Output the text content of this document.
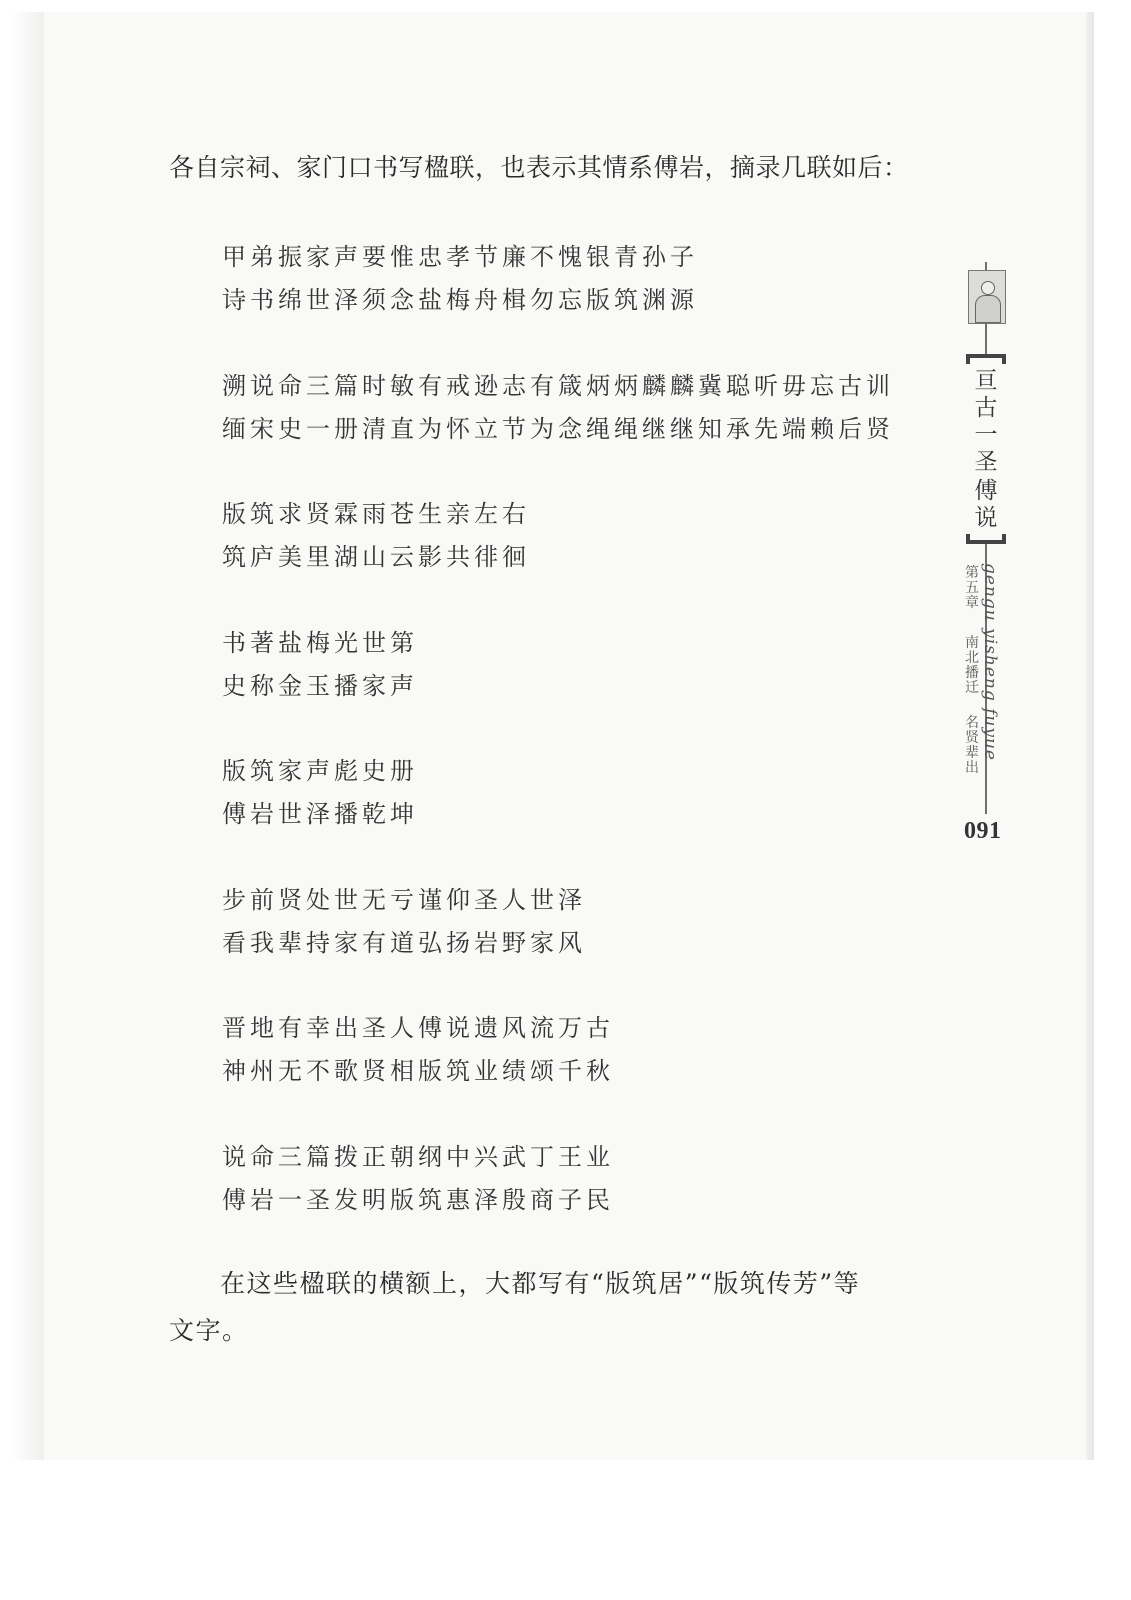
各自宗祠、家门口书写楹联，也表示其情系傅岩，摘录几联如后：
甲弟振家声要惟忠孝节廉不愧银青孙子
诗书绵世泽须念盐梅舟楫勿忘版筑渊源
溯说命三篇时敏有戒逊志有箴炳炳麟麟冀聪听毋忘古训
缅宋史一册清直为怀立节为念绳绳继继知承先端赖后贤
版筑求贤霖雨苍生亲左右
筑庐美里湖山云影共徘徊
书著盐梅光世第
史称金玉播家声
版筑家声彪史册
傅岩世泽播乾坤
步前贤处世无亏谨仰圣人世泽
看我辈持家有道弘扬岩野家风
晋地有幸出圣人傅说遗风流万古
神州无不歌贤相版筑业绩颂千秋
说命三篇拨正朝纲中兴武丁王业
傅岩一圣发明版筑惠泽殷商子民
在这些楹联的横额上，大都写有“版筑居”“版筑传芳”等
文字。
亘
古
一
圣
傅
说
gengu yisheng fuyue
第
五
章
南
北
播
迁
名
贤
辈
出
091
